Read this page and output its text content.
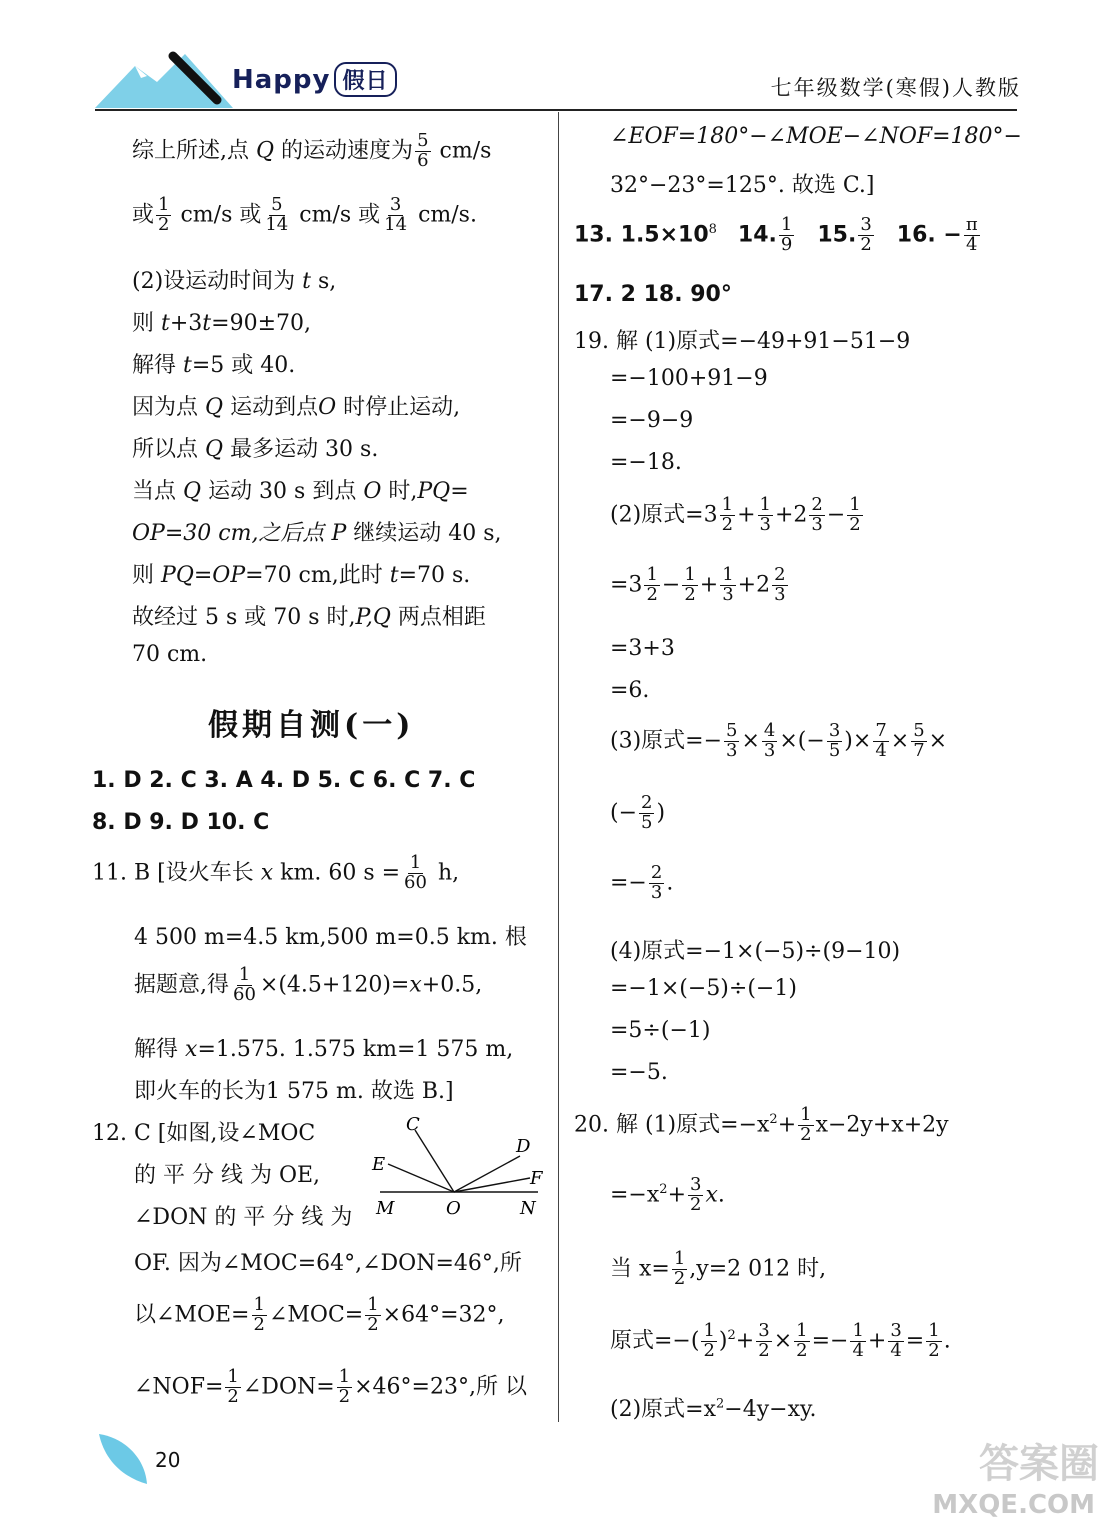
Happy 假日	七年级数学(寒假)人教版

综上所述,点 Q 的运动速度为 $\frac{5}{6} cm/s$

或 $\frac{1}{2} cm/s$ 或 $\frac{5}{14} cm/s$ 或 $\frac{3}{14} cm/s$.

(2)设运动时间为 t s,

则 t+3t=90±70,

解得 t=5 或 40.

因为点 Q 运动到点O 时停止运动,

所以点 Q 最多运动 30 s.

当点 Q 运动 30 s 到点 O 时,PQ=

OP=30 cm,之后点 P 继续运动 40 s,

则 PQ=OP=70 cm,此时 t=70 s.

故经过 5 s 或 70 s 时,P,Q 两点相距

70 cm.

假期自测(一)

1. D 2. C 3. A 4. D 5. C 6. C 7. C

8. D 9. D 10. C

11. B [设火车长 x km. 60 $s = \frac{1}{60} h$,

4 500 m=4.5 km,500 m=0.5 km. 根

据题意,得 $\frac{1}{60} \times(4.5+120)=x+0.5$,

解得 x=1.575. 1.575 km=1 575 m,

即火车的长为1 575 m. 故选 B.]

12. C [如图,设∠MOC

的 平 分 线 为 OE,

∠DON 的 平 分 线 为

OF. 因为∠MOC=64°,∠DON=46°,所

以∠MOE= $\frac{1}{2}$ ∠MOC= $\frac{1}{2} \times 64^\circ=32^\circ$,

∠NOF= $\frac{1}{2}$ ∠DON= $\frac{1}{2} \times 46^\circ=23^\circ$,所 以

C
E
D
F
M	O	N

∠EOF=180°−∠MOE−∠NOF=180°−

32°−23°=125°. 故选 C.]

13. $1.5\times 10^8$ 14. $\frac{1}{9} 15$. $\frac{3}{2} 16$. − $\frac{\pi}{4}$

17. 2 18. 90°

19. 解 (1)原式=−49+91−51−9

=−100+91−9

=−9−9

=−18.

(2)原式$=3 \frac{1}{2} + \frac{1}{3} +2 \frac{2}{3} - \frac{1}{2}$

$=3 \frac{1}{2} - \frac{1}{2} + \frac{1}{3} +2 \frac{2}{3}$

=3+3

=6.

(3)原式=− $\frac{5}{3} \times \frac{4}{3}$ ×(− $\frac{3}{5}$ )× $\frac{7}{4} \times \frac{5}{7}$ ×

(− $\frac{2}{5}$ )

=− $\frac{2}{3}$ .

(4)原式=−1×(−5)÷(9−10)

=−1×(−5)÷(−1)

=5÷(−1)

=−5.

20. 解 (1)原式$=-x^2+ \frac{1}{2} x-2y+x+2y$

$=-x^2+ \frac{3}{2} x$.

当 $x= \frac{1}{2} ,y=2$ 012 时,

原式=−( $\frac{1}{2} )^2+ \frac{3}{2} \times \frac{1}{2} =- \frac{1}{4} + \frac{3}{4} = \frac{1}{2}$ .

(2)原式$=x^2-4y-xy$.

20	答案圈
MXQE.COM
